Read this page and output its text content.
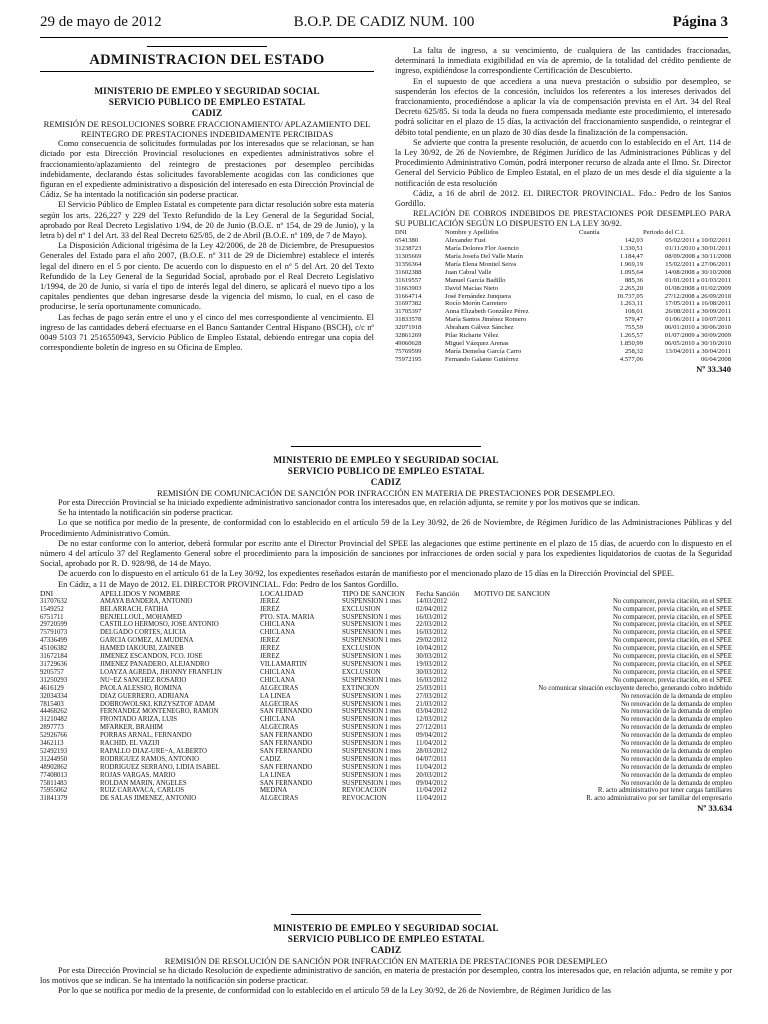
29 de mayo de 2012	B.O.P. DE CADIZ NUM. 100	Página 3
ADMINISTRACION DEL ESTADO
MINISTERIO DE EMPLEO Y SEGURIDAD SOCIAL
SERVICIO PUBLICO DE EMPLEO ESTATAL
CADIZ
REMISIÓN DE RESOLUCIONES SOBRE FRACCIONAMIENTO/ APLAZAMIENTO DEL REINTEGRO DE PRESTACIONES INDEBIDAMENTE PERCIBIDAS

Como consecuencia de solicitudes formuladas por los interesados que se relacionan, se han dictado por esta Dirección Provincial resoluciones en expedientes administrativos sobre el fraccionamiento/aplazamiento del reintegro de prestaciones por desempleo percibidas indebidamente, declarando éstas solicitudes favorablemente acogidas con las condiciones que figuran en el expediente administrativo a disposición del interesado en esta Dirección Provincial de Cádiz. Se ha intentado la notificación sin poderse practicar.

El Servicio Público de Empleo Estatal es competente para dictar resolución sobre esta materia según los arts. 226,227 y 229 del Texto Refundido de la Ley General de la Seguridad Social, aprobado por Real Decreto Legislativo 1/94, de 20 de Junio (B.O.E. nº 154, de 29 de Junio), y la letra b) del nº 1 del Art. 33 del Real Decreto 625/85, de 2 de Abril (B.O.E. nº 109, de 7 de Mayo).

La Disposición Adicional trigésima de la Ley 42/2006, de 28 de Diciembre, de Presupuestos Generales del Estado para el año 2007, (B.O.E. nº 311 de 29 de Diciembre) establece el interés legal del dinero en el 5 por ciento. De acuerdo con lo dispuesto en el nº 5 del Art. 20 del Texto Refundido de la Ley General de la Seguridad Social, aprobado por el Real Decreto Legislativo 1/1994, de 20 de Junio, si varía el tipo de interés legal del dinero, se aplicará el nuevo tipo a los capitales pendientes que deban ingresarse desde la vigencia del mismo, lo cual, en el caso de producirse, le sería oportunamente comunicado.

Las fechas de pago serán entre el uno y el cinco del mes correspondiente al vencimiento. El ingreso de las cantidades deberá efectuarse en el Banco Santander Central Hispano (BSCH), c/c nº 0049 5103 71 2516550943, Servicio Público de Empleo Estatal, debiendo entregar una copia del correspondiente boletín de ingreso en su Oficina de Empleo.

La falta de ingreso, a su vencimiento, de cualquiera de las cantidades fraccionadas, determinará la inmediata exigibilidad en vía de apremio, de la totalidad del crédito pendiente de ingreso, expidiéndose la correspondiente Certificación de Descubierto.

En el supuesto de que accediera a una nueva prestación o subsidio por desempleo, se suspenderán los efectos de la concesión, incluidos los referentes a los intereses derivados del fraccionamiento, procediéndose a aplicar la vía de compensación prevista en el Art. 34 del Real Decreto 625/85. Si toda la deuda no fuera compensada mediante este procedimiento, el interesado podrá solicitar en el plazo de 15 días, la activación del fraccionamiento suspendido, o reintegrar el débito total pendiente, en un plazo de 30 días desde la finalización de la compensación.

Se advierte que contra la presente resolución, de acuerdo con lo establecido en el Art. 114 de la Ley 30/92, de 26 de Noviembre, de Régimen Jurídico de las Administraciones Públicas y del Procedimiento Administrativo Común, podrá interponer recurso de alzada ante el Ilmo. Sr. Director General del Servicio Público de Empleo Estatal, en el plazo de un mes desde el día siguiente a la notificación de esta resolución

Cádiz, a 16 de abril de 2012. EL DIRECTOR PROVINCIAL. Fdo.: Pedro de los Santos Gordillo.

RELACIÓN DE COBROS INDEBIDOS DE PRESTACIONES POR DESEMPLEO PARA SU PUBLICACIÓN SEGÚN LO DISPUESTO EN LA LEY 30/92.
DNI	Nombre y Apellidos	Cuantía	Periodo del C.I.
6541380	Alexander Fust	142,03	05/02/2011 a 10/02/2011
31238723	María Dolores Flor Asencio	1.330,51	01/11/2010 a 30/01/2011
31305669	María Josefa Del Valle Marín	1.184,47	08/09/2008 a 30/11/2008
31356364	María Elena Montiel Seiva	1.969,19	15/02/2011 a 27/06/2011
31602388	Juan Cabral Valle	1.095,64	14/08/2008 a 30/10/2008
31619557	Manuel García Badillo	885,36	01/01/2011 a 01/03/2011
31663903	David Macías Nieto	2.265,20	01/08/2008 a 01/02/2009
31664714	José Fernández Junquera	10.737,05	27/12/2008 a 26/09/2010
31697382	Rocío Morón Carretero	1.263,11	17/05/2011 a 16/08/2011
31705397	Anna Elizabeth González Pérez	108,01	26/08/2011 a 30/09/2011
31833578	María Santos Jiménez Romero	579,47	01/06/2011 a 10/07/2011
32071918	Abraham Gálvez Sánchez	755,59	06/01/2010 a 30/06/2010
32861269	Pilar Richarte Vélez	1.265,57	01/07/2009 a 30/09/2009
49060628	Miguel Vázquez Arenas	1.850,99	06/05/2010 a 30/10/2010
75769599	María Demelsa García Carro	258,32	13/04/2011 a 30/04/2011
75972195	Fernando Galante Gutiérrez	4.577,06	06/04/2008
Nº 33.340
MINISTERIO DE EMPLEO Y SEGURIDAD SOCIAL
SERVICIO PUBLICO DE EMPLEO ESTATAL
CADIZ
REMISIÓN DE COMUNICACIÓN DE SANCIÓN POR INFRACCIÓN EN MATERIA DE PRESTACIONES POR DESEMPLEO.

Por esta Dirección Provincial se ha iniciado expediente administrativo sancionador contra los interesados que, en relación adjunta, se remite y por los motivos que se indican.

Se ha intentado la notificación sin poderse practicar.

Lo que se notifica por medio de la presente, de conformidad con lo establecido en el artículo 59 de la Ley 30/92, de 26 de Noviembre, de Régimen Jurídico de las Administraciones Públicas y del Procedimiento Administrativo Común.

De no estar conforme con lo anterior, deberá formular por escrito ante el Director Provincial del SPEE las alegaciones que estime pertinente en el plazo de 15 días, de acuerdo con lo dispuesto en el número 4 del artículo 37 del Reglamento General sobre el procedimiento para la imposición de sanciones por infracciones de orden social y para los expedientes liquidatorios de cuotas de la Seguridad Social, aprobado por R. D. 928/98, de 14 de Mayo.

De acuerdo con lo dispuesto en el artículo 61 de la Ley 30/92, los expedientes reseñados estarán de manifiesto por el mencionado plazo de 15 días en la Dirección Provincial del SPEE.

En Cádiz, a 11 de Mayo de 2012. EL DIRECTOR PROVINCIAL. Fdo: Pedro de los Santos Gordillo.

DNI	APELLIDOS Y NOMBRE	LOCALIDAD	TIPO DE SANCION	Fecha Sanción	MOTIVO DE SANCION
31707632	AMAYA BANDERA, ANTONIO	JEREZ	SUSPENSION 1 mes	14/03/2012	No comparecer, previa citación, en el SPEE
1549252	BELARRACH, FATIHA	JEREZ	EXCLUSION	02/04/2012	No comparecer, previa citación, en el SPEE
6751711	BENJELLOUL, MOHAMED	PTO. STA. MARIA	SUSPENSION 1 mes	16/03/2012	No comparecer, previa citación, en el SPEE
29720599	CASTILLO HERMOSO, JOSE ANTONIO	CHICLANA	SUSPENSION 1 mes	22/03/2012	No comparecer, previa citación, en el SPEE
75791073	DELGADO CORTES, ALICIA	CHICLANA	SUSPENSION 1 mes	16/03/2012	No comparecer, previa citación, en el SPEE
47336499	GARCIA GOMEZ, ALMUDENA	JEREZ	SUSPENSION 1 mes	29/02/2012	No comparecer, previa citación, en el SPEE
45106382	HAMED IAKOUBI, ZAINEB	JEREZ	EXCLUSION	10/04/2012	No comparecer, previa citación, en el SPEE
31672184	JIMENEZ ESCANDON, FCO. JOSE	JEREZ	SUSPENSION 1 mes	30/03/2012	No comparecer, previa citación, en el SPEE
31729636	JIMENEZ PANADERO, ALEJANDRO	VILLAMARTIN	SUSPENSION 1 mes	19/03/2012	No comparecer, previa citación, en el SPEE
9205757	LOAYZA AGREDA, JHONNY FRANFLIN	CHICLANA	EXCLUSION	30/03/2012	No comparecer, previa citación, en el SPEE
31250293	NU~EZ SANCHEZ ROSARIO	CHICLANA	SUSPENSION 1 mes	16/03/2012	No comparecer, previa citación, en el SPEE
4616129	PAOLA ALESSIO, ROMINA	ALGECIRAS	EXTINCION	25/03/2011	No comunicar situación excluyente derecho, generando cobro indebido
32034334	DIAZ GUERRERO, ADRIANA	LA LINEA	SUSPENSION 1 mes	27/03/2012	No renovación de la demanda de empleo
7815403	DOBROWOLSKI, KRZYSZTOF ADAM	ALGECIRAS	SUSPENSION 1 mes	21/03/2012	No renovación de la demanda de empleo
44468262	FERNANDEZ MONTENEGRO, RAMON	SAN FERNANDO	SUSPENSION 1 mes	03/04/2012	No renovación de la demanda de empleo
31210482	FRONTADO ARIZA, LUIS	CHICLANA	SUSPENSION 1 mes	12/03/2012	No renovación de la demanda de empleo
2897773	MFARKER, BRAHIM	ALGECIRAS	SUSPENSION 1 mes	27/12/2011	No renovación de la demanda de empleo
52926766	PORRAS ARNAL, FERNANDO	SAN FERNANDO	SUSPENSION 1 mes	09/04/2012	No renovación de la demanda de empleo
3462113	RACHID, EL VAZIJI	SAN FERNANDO	SUSPENSION 1 mes	11/04/2012	No renovación de la demanda de empleo
52492193	RAPALLO DIAZ-URE~A, ALBERTO	SAN FERNANDO	SUSPENSION 1 mes	28/03/2012	No renovación de la demanda de empleo
31244950	RODRIGUEZ RAMOS, ANTONIO	CADIZ	SUSPENSION 1 mes	04/07/2011	No renovación de la demanda de empleo
48902862	RODRIGUEZ SERRANO, LIDIA ISABEL	SAN FERNANDO	SUSPENSION 1 mes	11/04/2012	No renovación de la demanda de empleo
77408013	ROJAS VARGAS, MARIO	LA LINEA	SUSPENSION 1 mes	20/03/2012	No renovación de la demanda de empleo
75811483	ROLDAN MARIN, ANGELES	SAN FERNANDO	SUSPENSION 1 mes	09/04/2012	No renovación de la demanda de empleo
75955062	RUIZ CARAVACA, CARLOS	MEDINA	REVOCACION	11/04/2012	R. acto administrativo por tener cargas familiares
31841379	DE SALAS JIMENEZ, ANTONIO	ALGECIRAS	REVOCACION	11/04/2012	R. acto administrativo por ser familiar del empresario
Nº 33.634
MINISTERIO DE EMPLEO Y SEGURIDAD SOCIAL
SERVICIO PUBLICO DE EMPLEO ESTATAL
CADIZ
REMISIÓN DE RESOLUCIÓN DE SANCIÓN POR INFRACCIÓN EN MATERIA DE PRESTACIONES POR DESEMPLEO

Por esta Dirección Provincial se ha dictado Resolución de expediente administrativo de sanción, en materia de prestación por desempleo, contra los interesados que, en relación adjunta, se remite y por los motivos que se indican. Se ha intentado la notificación sin poderse practicar.

Por lo que se notifica por medio de la presente, de conformidad con lo establecido en el artículo 59 de la Ley 30/92, de 26 de Noviembre, de Régimen Jurídico de las
